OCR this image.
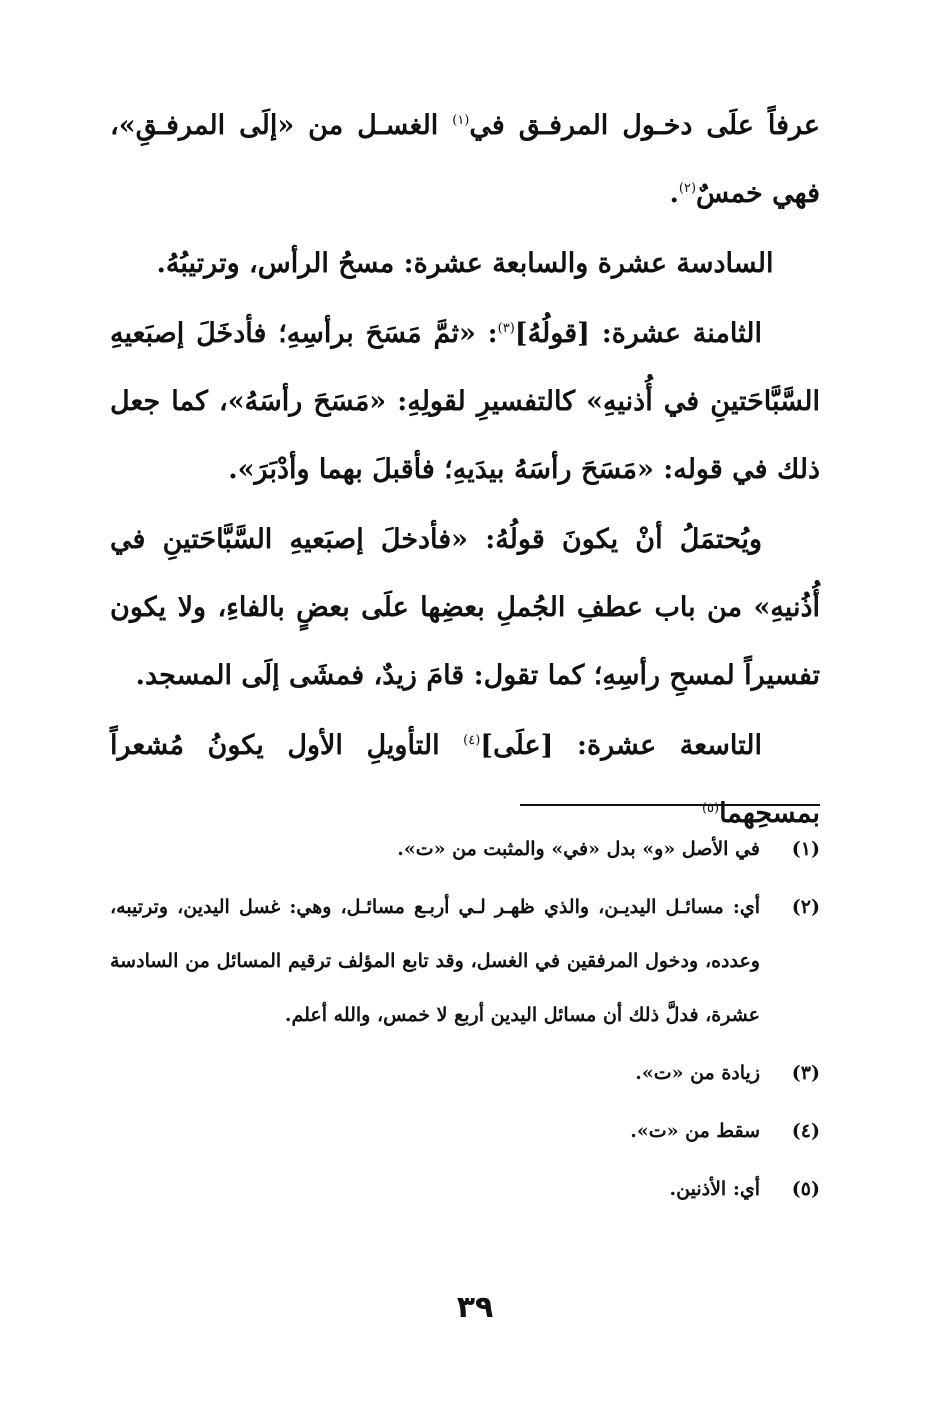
عرفاً علَى دخـول المرفـق في$^{(١)}$ الغسـل من «إلَى المرفـقِ»، فهي خمسٌ$^{(٢)}$.

السادسة عشرة والسابعة عشرة: مسحُ الرأس، وترتيبُهُ.

الثامنة عشرة: [قولُهُ]$^{(٣)}$: «ثمَّ مَسَحَ برأسِهِ؛ فأدخَلَ إصبَعيهِ السَّبَّاحَتينِ في أُذنيهِ» كالتفسيرِ لقولِهِ: «مَسَحَ رأسَهُ»، كما جعل ذلك في قوله: «مَسَحَ رأسَهُ بيدَيهِ؛ فأقبلَ بهما وأدْبَرَ».

ويُحتمَلُ أنْ يكونَ قولُهُ: «فأدخلَ إصبَعيهِ السَّبَّاحَتينِ في أُذُنيهِ» من باب عطفِ الجُملِ بعضِها علَى بعضٍ بالفاءِ، ولا يكون تفسيراً لمسحِ رأسِهِ؛ كما تقول: قامَ زيدٌ، فمشَى إلَى المسجد.

التاسعة عشرة: [علَى]$^{(٤)}$ التأويلِ الأول يكونُ مُشعراً بمسحِهما$^{(٥)}$

(١)
في الأصل «و» بدل «في» والمثبت من «ت».
(٢)
أي: مسائـل اليديـن، والذي ظهـر لـي أربـع مسائـل، وهي: غسل اليدين، وترتيبه، وعدده، ودخول المرفقين في الغسل، وقد تابع المؤلف ترقيم المسائل من السادسة عشرة، فدلَّ ذلك أن مسائل اليدين أربع لا خمس، والله أعلم.
(٣)
زيادة من «ت».
(٤)
سقط من «ت».
(٥)
أي: الأذنين.
٣٩
